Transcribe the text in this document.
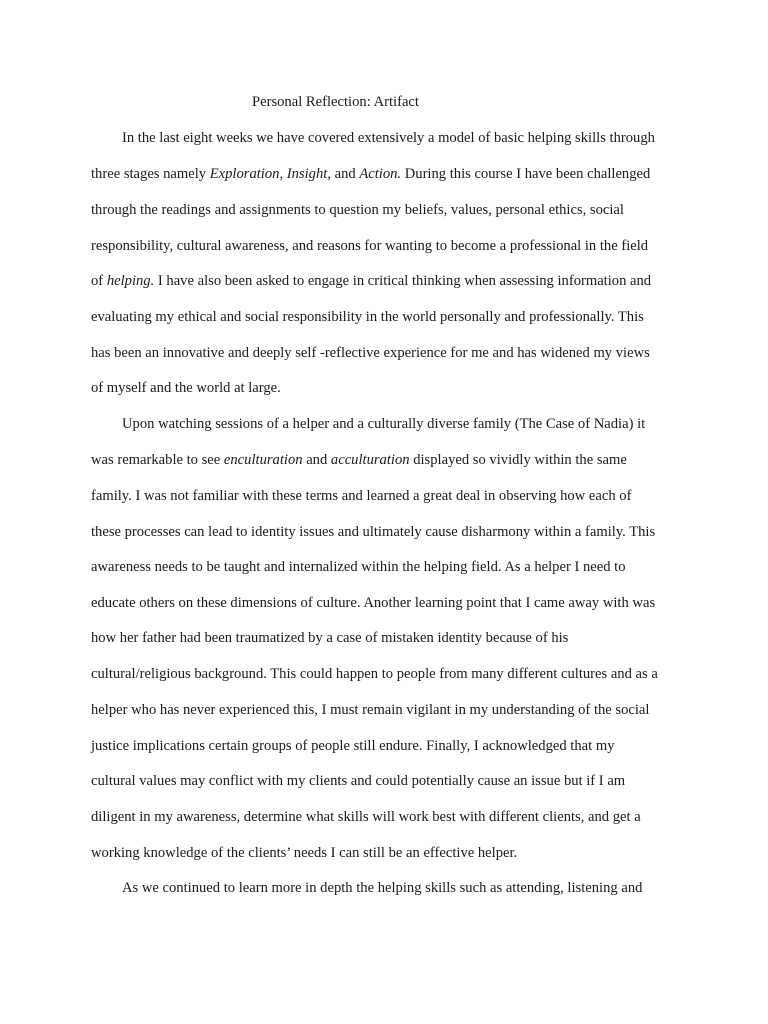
Personal Reflection: Artifact
In the last eight weeks we have covered extensively a model of basic helping skills through
three stages namely Exploration, Insight, and Action. During this course I have been challenged
through the readings and assignments to question my beliefs, values, personal ethics, social
responsibility, cultural awareness, and reasons for wanting to become a professional in the field
of helping. I have also been asked to engage in critical thinking when assessing information and
evaluating my ethical and social responsibility in the world personally and professionally. This
has been an innovative and deeply self -reflective experience for me and has widened my views
of myself and the world at large.
Upon watching sessions of a helper and a culturally diverse family (The Case of Nadia) it
was remarkable to see enculturation and acculturation displayed so vividly within the same
family. I was not familiar with these terms and learned a great deal in observing how each of
these processes can lead to identity issues and ultimately cause disharmony within a family. This
awareness needs to be taught and internalized within the helping field. As a helper I need to
educate others on these dimensions of culture. Another learning point that I came away with was
how her father had been traumatized by a case of mistaken identity because of his
cultural/religious background. This could happen to people from many different cultures and as a
helper who has never experienced this, I must remain vigilant in my understanding of the social
justice implications certain groups of people still endure. Finally, I acknowledged that my
cultural values may conflict with my clients and could potentially cause an issue but if I am
diligent in my awareness, determine what skills will work best with different clients, and get a
working knowledge of the clients’ needs I can still be an effective helper.
As we continued to learn more in depth the helping skills such as attending, listening and
